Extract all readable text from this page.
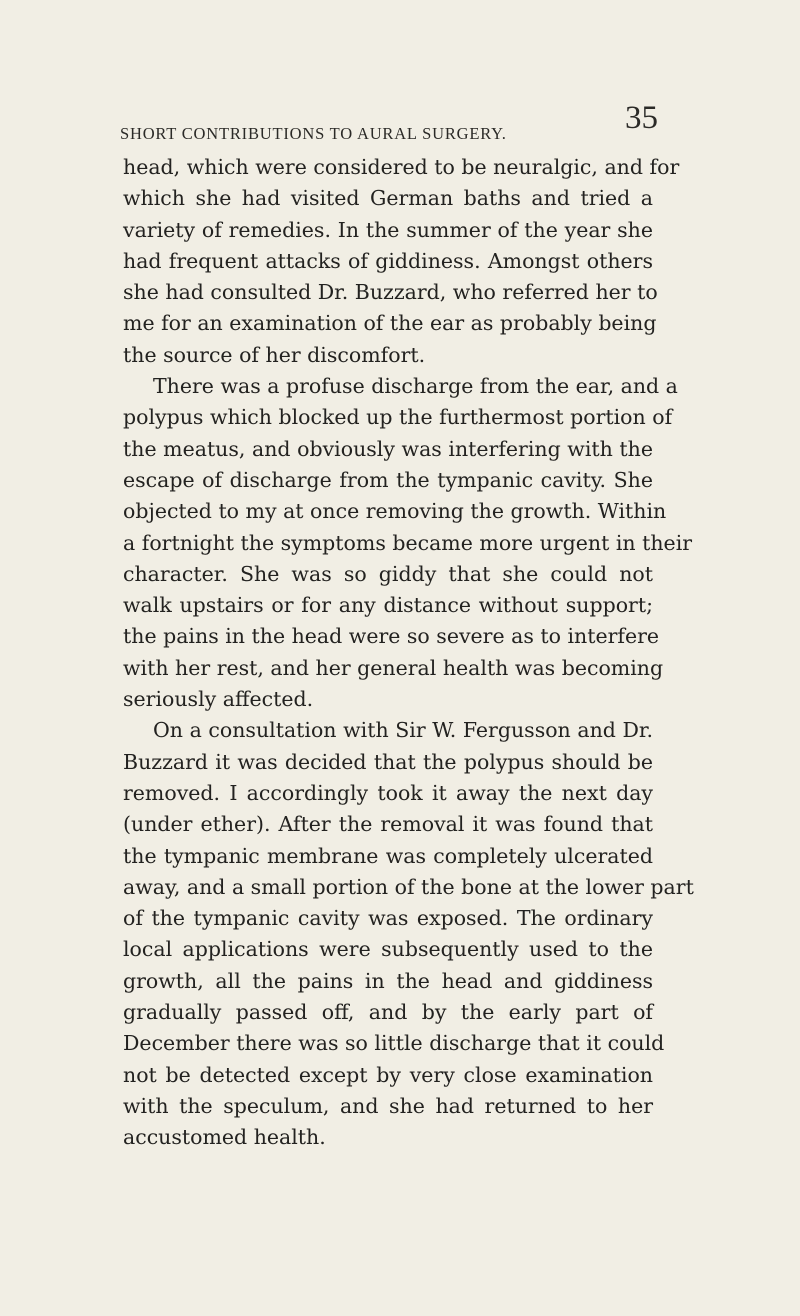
SHORT CONTRIBUTIONS TO AURAL SURGERY.	35
head, which were considered to be neuralgic, and for
which she had visited German baths and tried a
variety of remedies. In the summer of the year she
had frequent attacks of giddiness. Amongst others
she had consulted Dr. Buzzard, who referred her to
me for an examination of the ear as probably being
the source of her discomfort.
There was a profuse discharge from the ear, and a
polypus which blocked up the furthermost portion of
the meatus, and obviously was interfering with the
escape of discharge from the tympanic cavity. She
objected to my at once removing the growth. Within
a fortnight the symptoms became more urgent in their
character. She was so giddy that she could not
walk upstairs or for any distance without support;
the pains in the head were so severe as to interfere
with her rest, and her general health was becoming
seriously affected.
On a consultation with Sir W. Fergusson and Dr.
Buzzard it was decided that the polypus should be
removed. I accordingly took it away the next day
(under ether). After the removal it was found that
the tympanic membrane was completely ulcerated
away, and a small portion of the bone at the lower part
of the tympanic cavity was exposed. The ordinary
local applications were subsequently used to the
growth, all the pains in the head and giddiness
gradually passed off, and by the early part of
December there was so little discharge that it could
not be detected except by very close examination
with the speculum, and she had returned to her
accustomed health.
